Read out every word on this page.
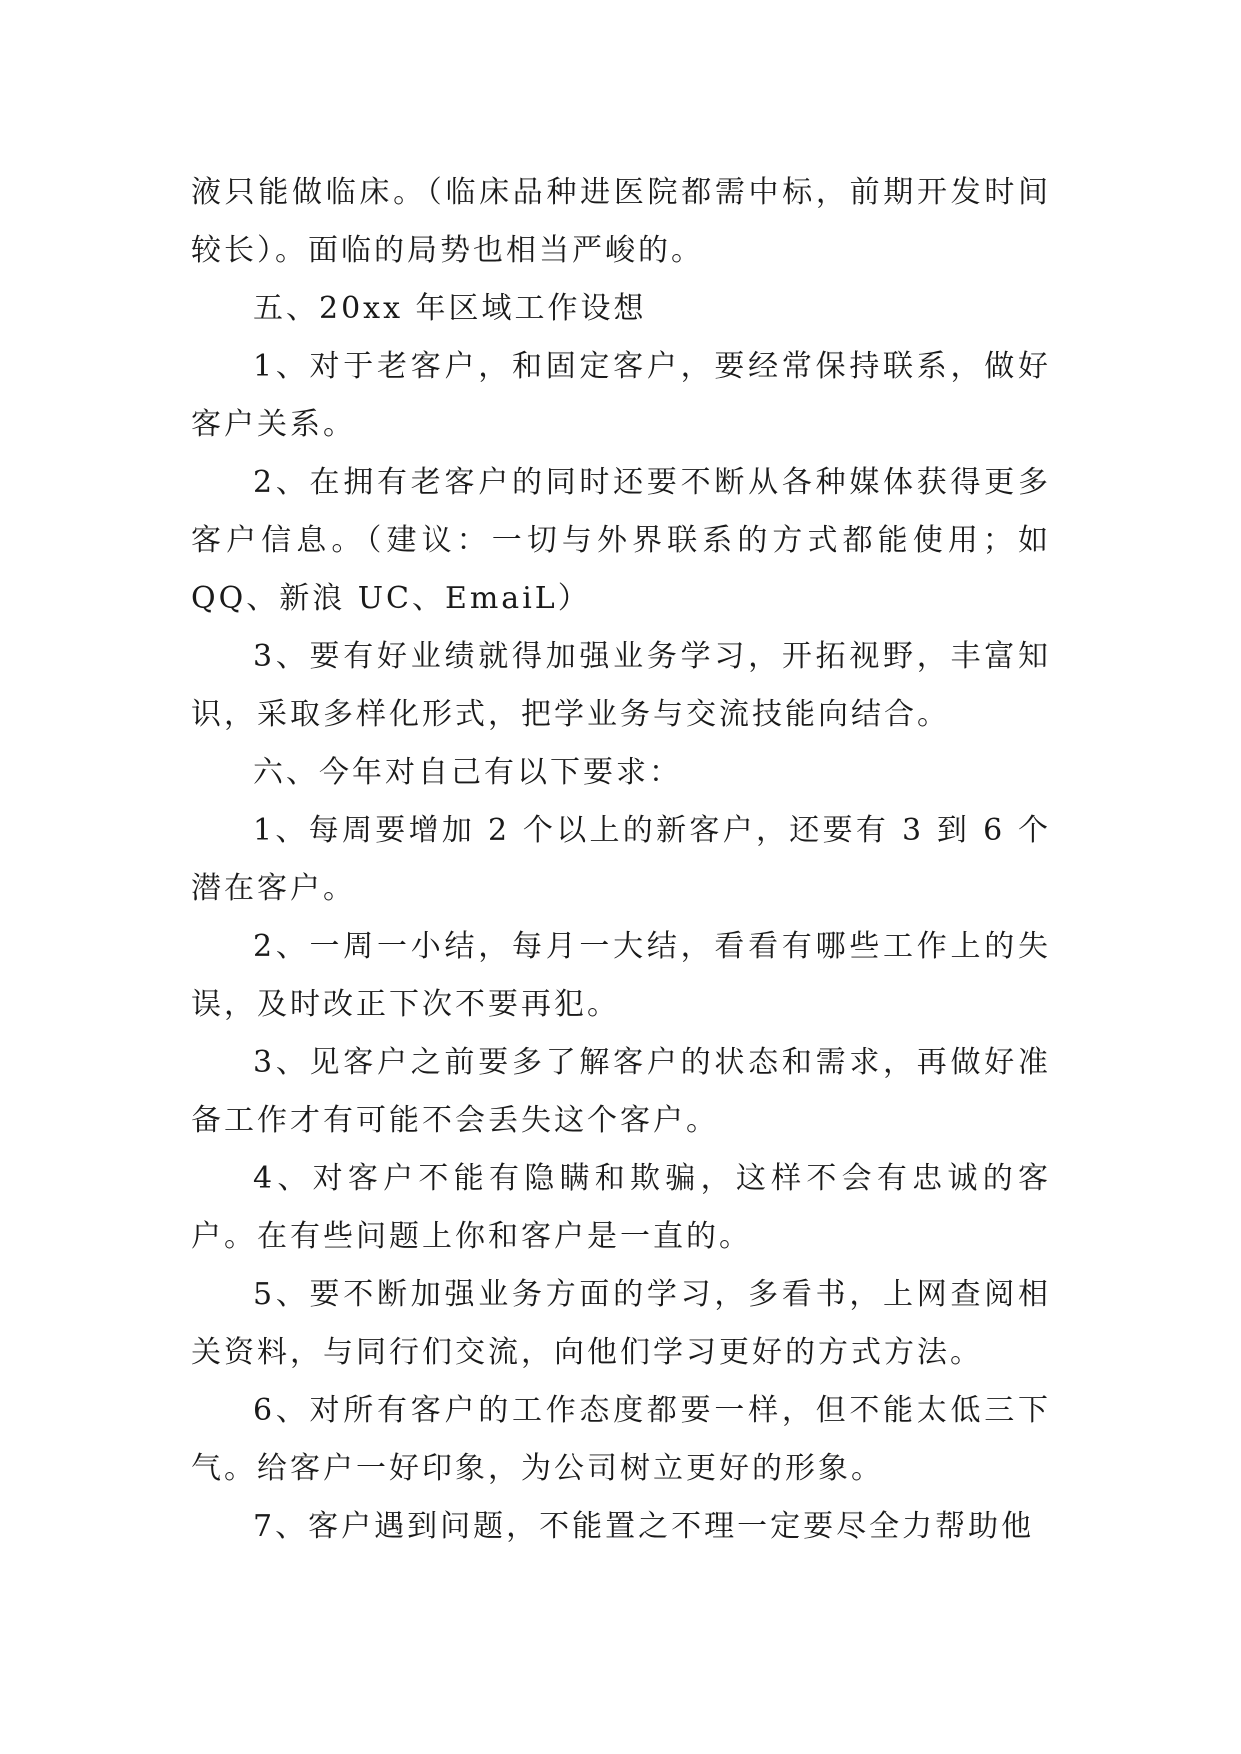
液只能做临床。（临床品种进医院都需中标，前期开发时间较长）。面临的局势也相当严峻的。

五、20xx 年区域工作设想

1、对于老客户，和固定客户，要经常保持联系，做好客户关系。

2、在拥有老客户的同时还要不断从各种媒体获得更多客户信息。（建议：一切与外界联系的方式都能使用；如 QQ、新浪 UC、EmaiL）

3、要有好业绩就得加强业务学习，开拓视野，丰富知识，采取多样化形式，把学业务与交流技能向结合。

六、今年对自己有以下要求：

1、每周要增加 2 个以上的新客户，还要有 3 到 6 个潜在客户。

2、一周一小结，每月一大结，看看有哪些工作上的失误，及时改正下次不要再犯。

3、见客户之前要多了解客户的状态和需求，再做好准备工作才有可能不会丢失这个客户。

4、对客户不能有隐瞒和欺骗，这样不会有忠诚的客户。在有些问题上你和客户是一直的。

5、要不断加强业务方面的学习，多看书，上网查阅相关资料，与同行们交流，向他们学习更好的方式方法。

6、对所有客户的工作态度都要一样，但不能太低三下气。给客户一好印象，为公司树立更好的形象。

7、客户遇到问题，不能置之不理一定要尽全力帮助他
